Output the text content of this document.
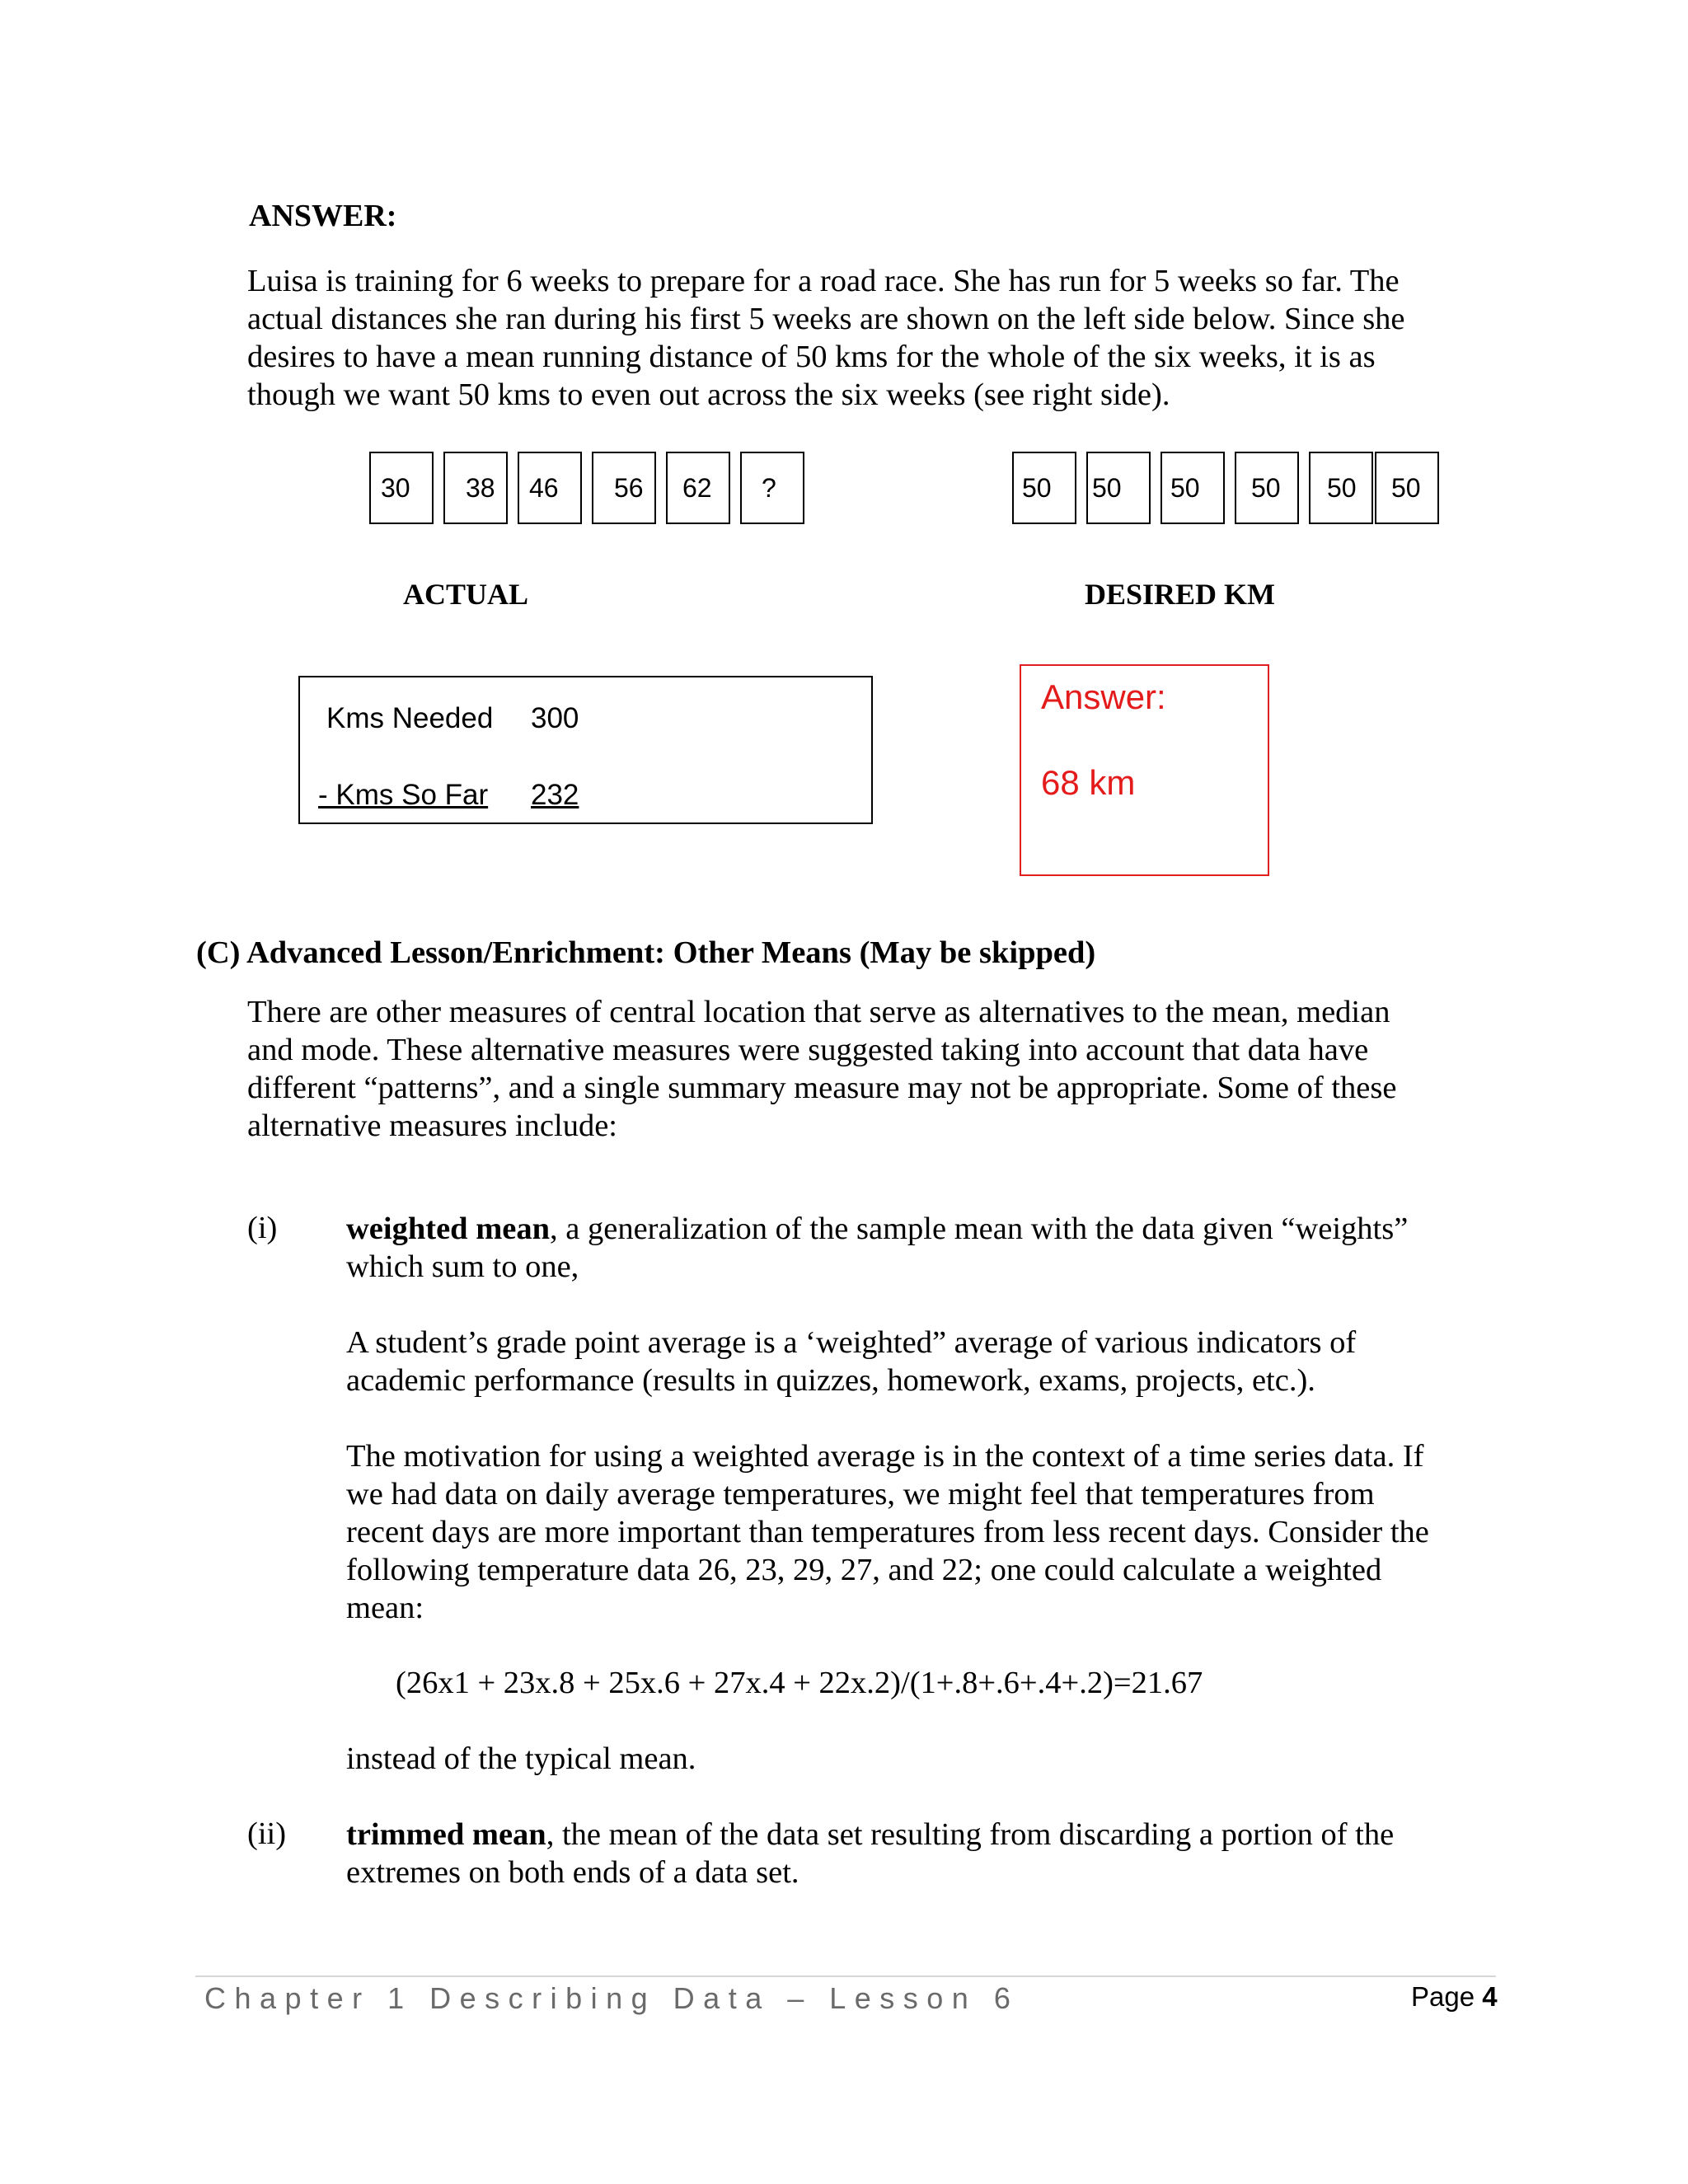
ANSWER:
Luisa is training for 6 weeks to prepare for a road race. She has run for 5 weeks so far. The
actual distances she ran during his first 5 weeks are shown on the left side below. Since she
desires to have a mean running distance of 50 kms for the whole of the six weeks, it is as
though we want 50 kms to even out across the six weeks (see right side).
30 38 46 56 62 ?	50 50 50 50 50 50
ACTUAL	DESIRED KM
Kms Needed 300
- Kms So Far 232
Answer:
68 km
(C) Advanced Lesson/Enrichment: Other Means (May be skipped)
There are other measures of central location that serve as alternatives to the mean, median
and mode. These alternative measures were suggested taking into account that data have
different “patterns”, and a single summary measure may not be appropriate. Some of these
alternative measures include:
(i) weighted mean, a generalization of the sample mean with the data given “weights”
which sum to one,
A student’s grade point average is a ‘weighted” average of various indicators of
academic performance (results in quizzes, homework, exams, projects, etc.).
The motivation for using a weighted average is in the context of a time series data. If
we had data on daily average temperatures, we might feel that temperatures from
recent days are more important than temperatures from less recent days. Consider the
following temperature data 26, 23, 29, 27, and 22; one could calculate a weighted
mean:
(26x1 + 23x.8 + 25x.6 + 27x.4 + 22x.2)/(1+.8+.6+.4+.2)=21.67
instead of the typical mean.
(ii) trimmed mean, the mean of the data set resulting from discarding a portion of the
extremes on both ends of a data set.
Chapter 1 Describing Data – Lesson 6	Page 4
